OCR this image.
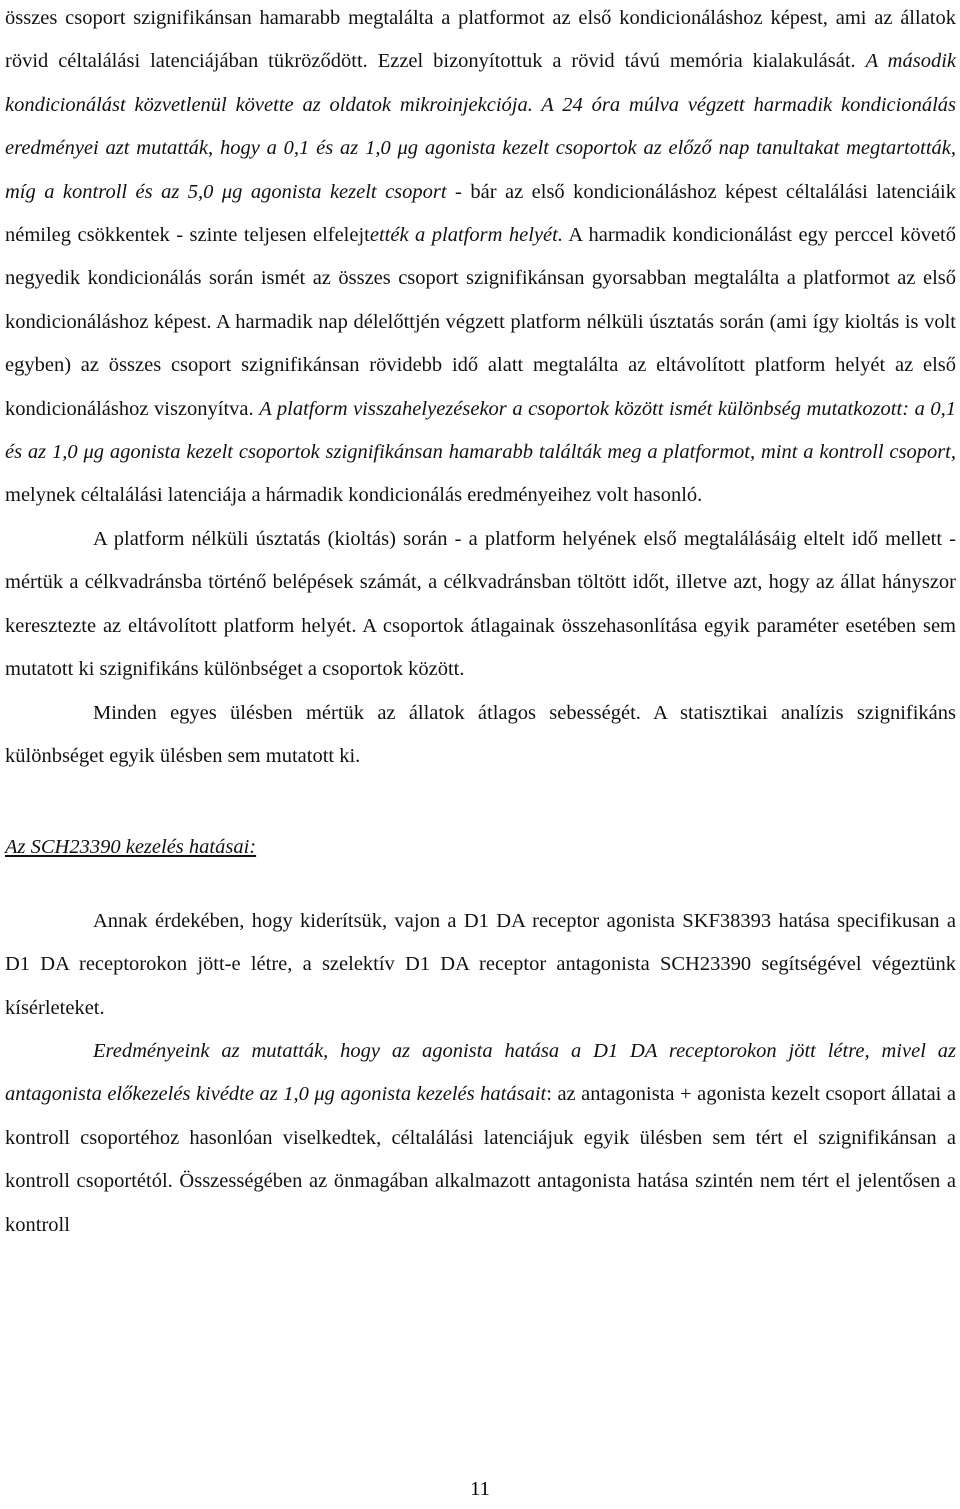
összes csoport szignifikánsan hamarabb megtalálta a platformot az első kondicionáláshoz képest, ami az állatok rövid céltalálási latenciájában tükröződött. Ezzel bizonyítottuk a rövid távú memória kialakulását. A második kondicionálást közvetlenül követte az oldatok mikroinjekciója. A 24 óra múlva végzett harmadik kondicionálás eredményei azt mutatták, hogy a 0,1 és az 1,0 μg agonista kezelt csoportok az előző nap tanultakat megtartották, míg a kontroll és az 5,0 μg agonista kezelt csoport - bár az első kondicionáláshoz képest céltalálási latenciáik némileg csökkentek - szinte teljesen elfelejtették a platform helyét. A harmadik kondicionálást egy perccel követő negyedik kondicionálás során ismét az összes csoport szignifikánsan gyorsabban megtalálta a platformot az első kondicionáláshoz képest. A harmadik nap délelőttjén végzett platform nélküli úsztatás során (ami így kioltás is volt egyben) az összes csoport szignifikánsan rövidebb idő alatt megtalálta az eltávolított platform helyét az első kondicionáláshoz viszonyítva. A platform visszahelyezésekor a csoportok között ismét különbség mutatkozott: a 0,1 és az 1,0 μg agonista kezelt csoportok szignifikánsan hamarabb találták meg a platformot, mint a kontroll csoport, melynek céltalálási latenciája a hármadik kondicionálás eredményeihez volt hasonló.

A platform nélküli úsztatás (kioltás) során - a platform helyének első megtalálásáig eltelt idő mellett - mértük a célkvadránsba történő belépések számát, a célkvadránsban töltött időt, illetve azt, hogy az állat hányszor keresztezte az eltávolított platform helyét. A csoportok átlagainak összehasonlítása egyik paraméter esetében sem mutatott ki szignifikáns különbséget a csoportok között.

Minden egyes ülésben mértük az állatok átlagos sebességét. A statisztikai analízis szignifikáns különbséget egyik ülésben sem mutatott ki.

Az SCH23390 kezelés hatásai:

Annak érdekében, hogy kiderítsük, vajon a D1 DA receptor agonista SKF38393 hatása specifikusan a D1 DA receptorokon jött-e létre, a szelektív D1 DA receptor antagonista SCH23390 segítségével végeztünk kísérleteket.

Eredményeink az mutatták, hogy az agonista hatása a D1 DA receptorokon jött létre, mivel az antagonista előkezelés kivédte az 1,0 μg agonista kezelés hatásait: az antagonista + agonista kezelt csoport állatai a kontroll csoportéhoz hasonlóan viselkedtek, céltalálási latenciájuk egyik ülésben sem tért el szignifikánsan a kontroll csoportétól. Összességében az önmagában alkalmazott antagonista hatása szintén nem tért el jelentősen a kontroll

11
